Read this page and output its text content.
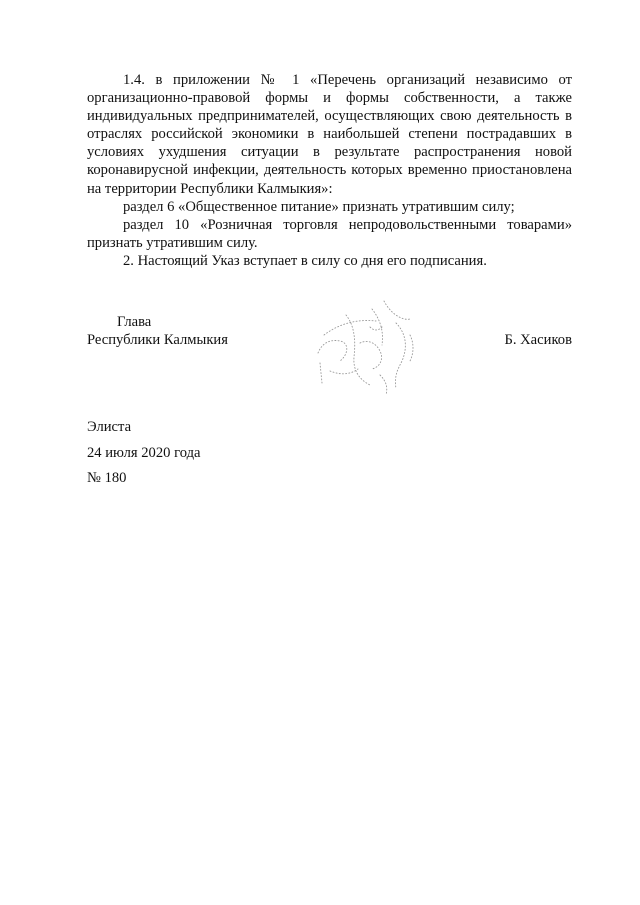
1.4. в приложении № 1 «Перечень организаций независимо от организационно-правовой формы и формы собственности, а также индивидуальных предпринимателей, осуществляющих свою деятельность в отраслях российской экономики в наибольшей степени пострадавших в условиях ухудшения ситуации в результате распространения новой коронавирусной инфекции, деятельность которых временно приостановлена на территории Республики Калмыкия»:

раздел 6 «Общественное питание» признать утратившим силу;

раздел 10 «Розничная торговля непродовольственными товарами» признать утратившим силу.

2. Настоящий Указ вступает в силу со дня его подписания.

Глава
Республики Калмыкия	Б. Хасиков
Элиста
24 июля 2020 года
№ 180
